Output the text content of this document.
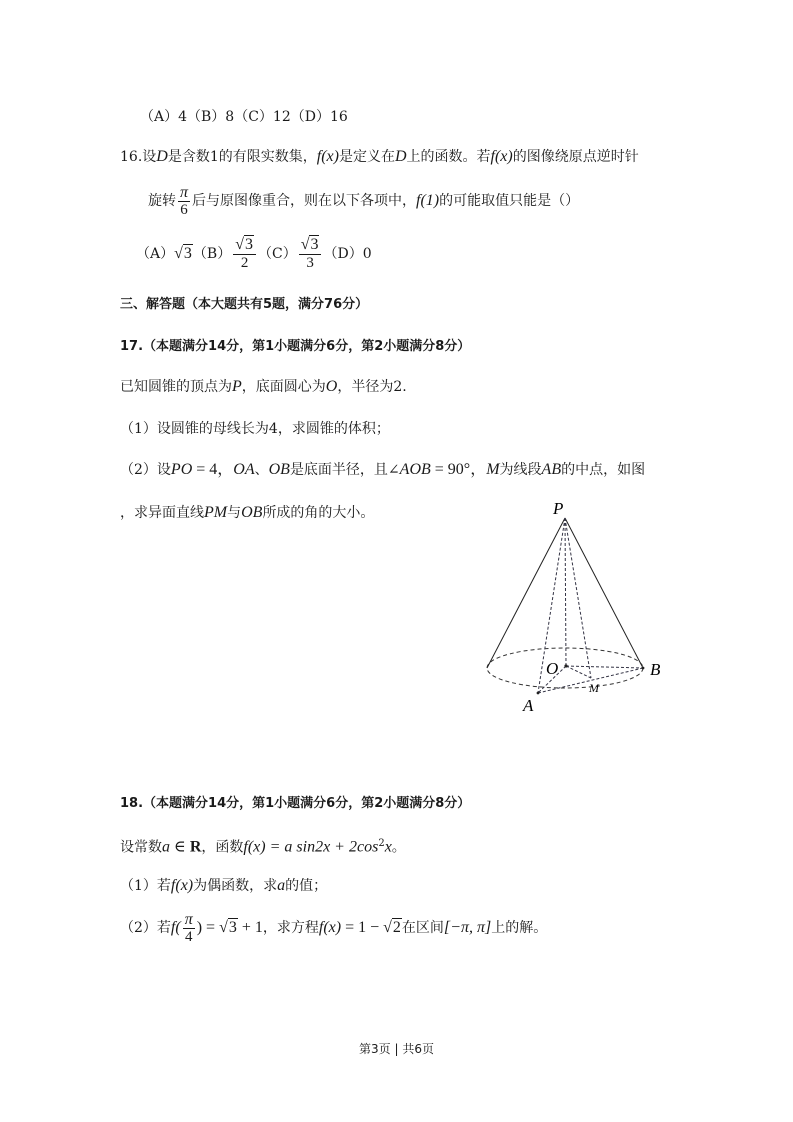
（A）4（B）8（C）12（D）16
16.设D是含数1的有限实数集，f(x)是定义在D上的函数。若f(x)的图像绕原点逆时针
旋转 $\frac{\pi}{6}$ 后与原图像重合，则在以下各项中，f(1)的可能取值只能是（）
$(A)√3(B) \frac{√3}{2} (C) \frac{√3}{3} (D)0$
三、解答题（本大题共有5题，满分76分）
17.（本题满分14分，第1小题满分6分，第2小题满分8分）
已知圆锥的顶点为P，底面圆心为O，半径为2.
（1）设圆锥的母线长为4，求圆锥的体积；
（2）设PO = 4，OA、OB是底面半径，且∠AOB = 90°，M为线段AB的中点，如图
，求异面直线PM与OB所成的角的大小。	P
O	B
A
M
18.（本题满分14分，第1小题满分6分，第2小题满分8分）
设常数a ∈ R，函数f(x) = a $\sin 2x + 2\cos^2x$。
（1）若f(x)为偶函数，求a的值；
（2）若$f( \frac{\pi}{4}$ ) = √3 + 1，求方程f(x) = 1 − √2在区间[−π, π]上的解。
第3页 | 共6页
